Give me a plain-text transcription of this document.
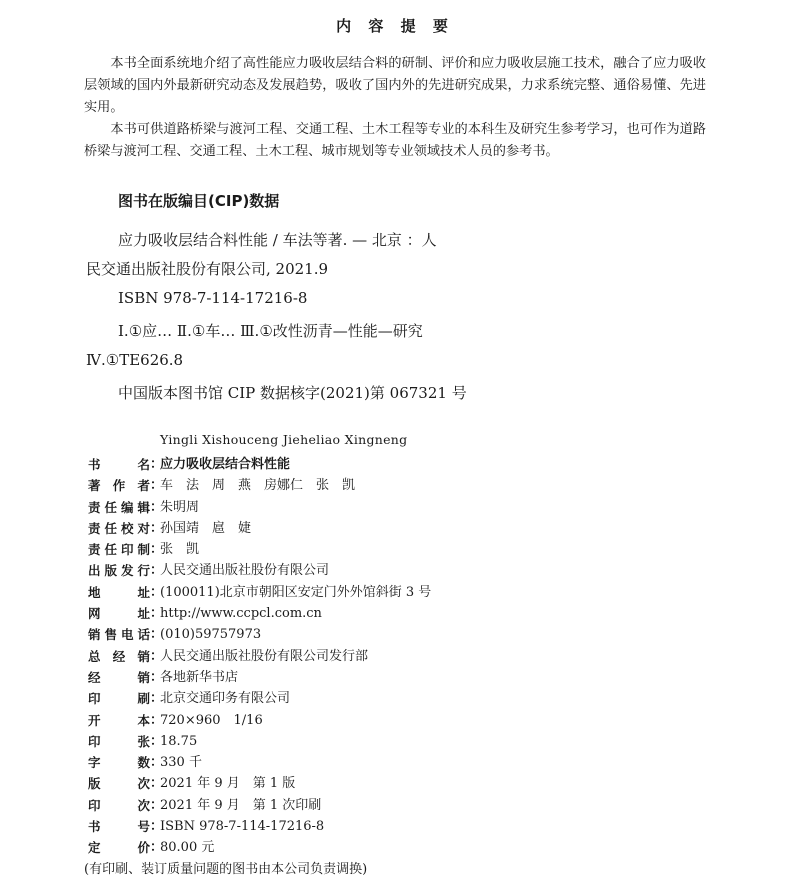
内 容 提 要

本书全面系统地介绍了高性能应力吸收层结合料的研制、评价和应力吸收层施工技术，融合了应力吸收层领域的国内外最新研究动态及发展趋势，吸收了国内外的先进研究成果，力求系统完整、通俗易懂、先进实用。

本书可供道路桥梁与渡河工程、交通工程、土木工程等专业的本科生及研究生参考学习，也可作为道路桥梁与渡河工程、交通工程、土木工程、城市规划等专业领域技术人员的参考书。

图书在版编目(CIP)数据
应力吸收层结合料性能 / 车法等著. — 北京 ：人
民交通出版社股份有限公司, 2021.9
ISBN 978-7-114-17216-8
Ⅰ.①应… Ⅱ.①车… Ⅲ.①改性沥青—性能—研究
Ⅳ.①TE626.8
中国版本图书馆 CIP 数据核字(2021)第 067321 号
Yingli Xishouceng Jieheliao Xingneng
书　　名 ：
应力吸收层结合料性能
著 作 者 ：
车　法　周　燕　房娜仁　张　凯
责任编辑 ：
朱明周
责任校对 ：
孙国靖　扈　婕
责任印制 ：
张　凯
出版发行 ：
人民交通出版社股份有限公司
地　　址 ：
(100011)北京市朝阳区安定门外外馆斜街 3 号
网　　址 ：
http://www.ccpcl.com.cn
销售电话 ：
(010)59757973
总 经 销 ：
人民交通出版社股份有限公司发行部
经　　销 ：
各地新华书店
印　　刷 ：
北京交通印务有限公司
开　　本 ：
720×960　1/16
印　　张 ：
18.75
字　　数 ：
330 千
版　　次 ：
2021 年 9 月　第 1 版
印　　次 ：
2021 年 9 月　第 1 次印刷
书　　号 ：
ISBN 978-7-114-17216-8
定　　价 ：
80.00 元
(有印刷、装订质量问题的图书由本公司负责调换)
